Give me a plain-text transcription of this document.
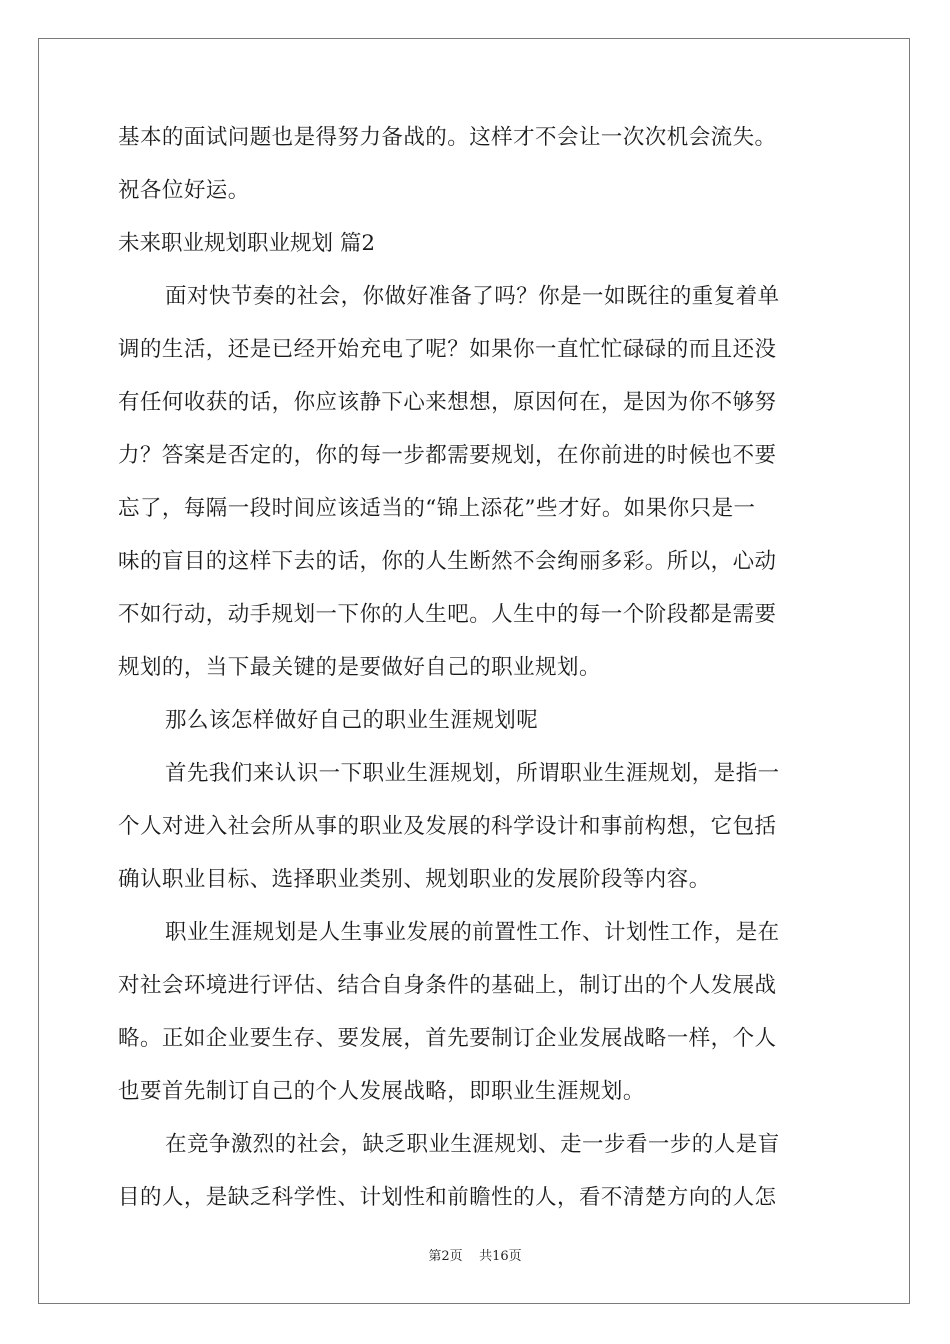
基本的面试问题也是得努力备战的。这样才不会让一次次机会流失。
祝各位好运。
未来职业规划职业规划 篇2
面对快节奏的社会，你做好准备了吗？你是一如既往的重复着单
调的生活，还是已经开始充电了呢？如果你一直忙忙碌碌的而且还没
有任何收获的话，你应该静下心来想想，原因何在，是因为你不够努
力？答案是否定的，你的每一步都需要规划，在你前进的时候也不要
忘了，每隔一段时间应该适当的“锦上添花”些才好。如果你只是一
味的盲目的这样下去的话，你的人生断然不会绚丽多彩。所以，心动
不如行动，动手规划一下你的人生吧。人生中的每一个阶段都是需要
规划的，当下最关键的是要做好自己的职业规划。
那么该怎样做好自己的职业生涯规划呢
首先我们来认识一下职业生涯规划，所谓职业生涯规划，是指一
个人对进入社会所从事的职业及发展的科学设计和事前构想，它包括
确认职业目标、选择职业类别、规划职业的发展阶段等内容。
职业生涯规划是人生事业发展的前置性工作、计划性工作，是在
对社会环境进行评估、结合自身条件的基础上，制订出的个人发展战
略。正如企业要生存、要发展，首先要制订企业发展战略一样，个人
也要首先制订自己的个人发展战略，即职业生涯规划。
在竞争激烈的社会，缺乏职业生涯规划、走一步看一步的人是盲
目的人，是缺乏科学性、计划性和前瞻性的人，看不清楚方向的人怎
第2页 共16页
